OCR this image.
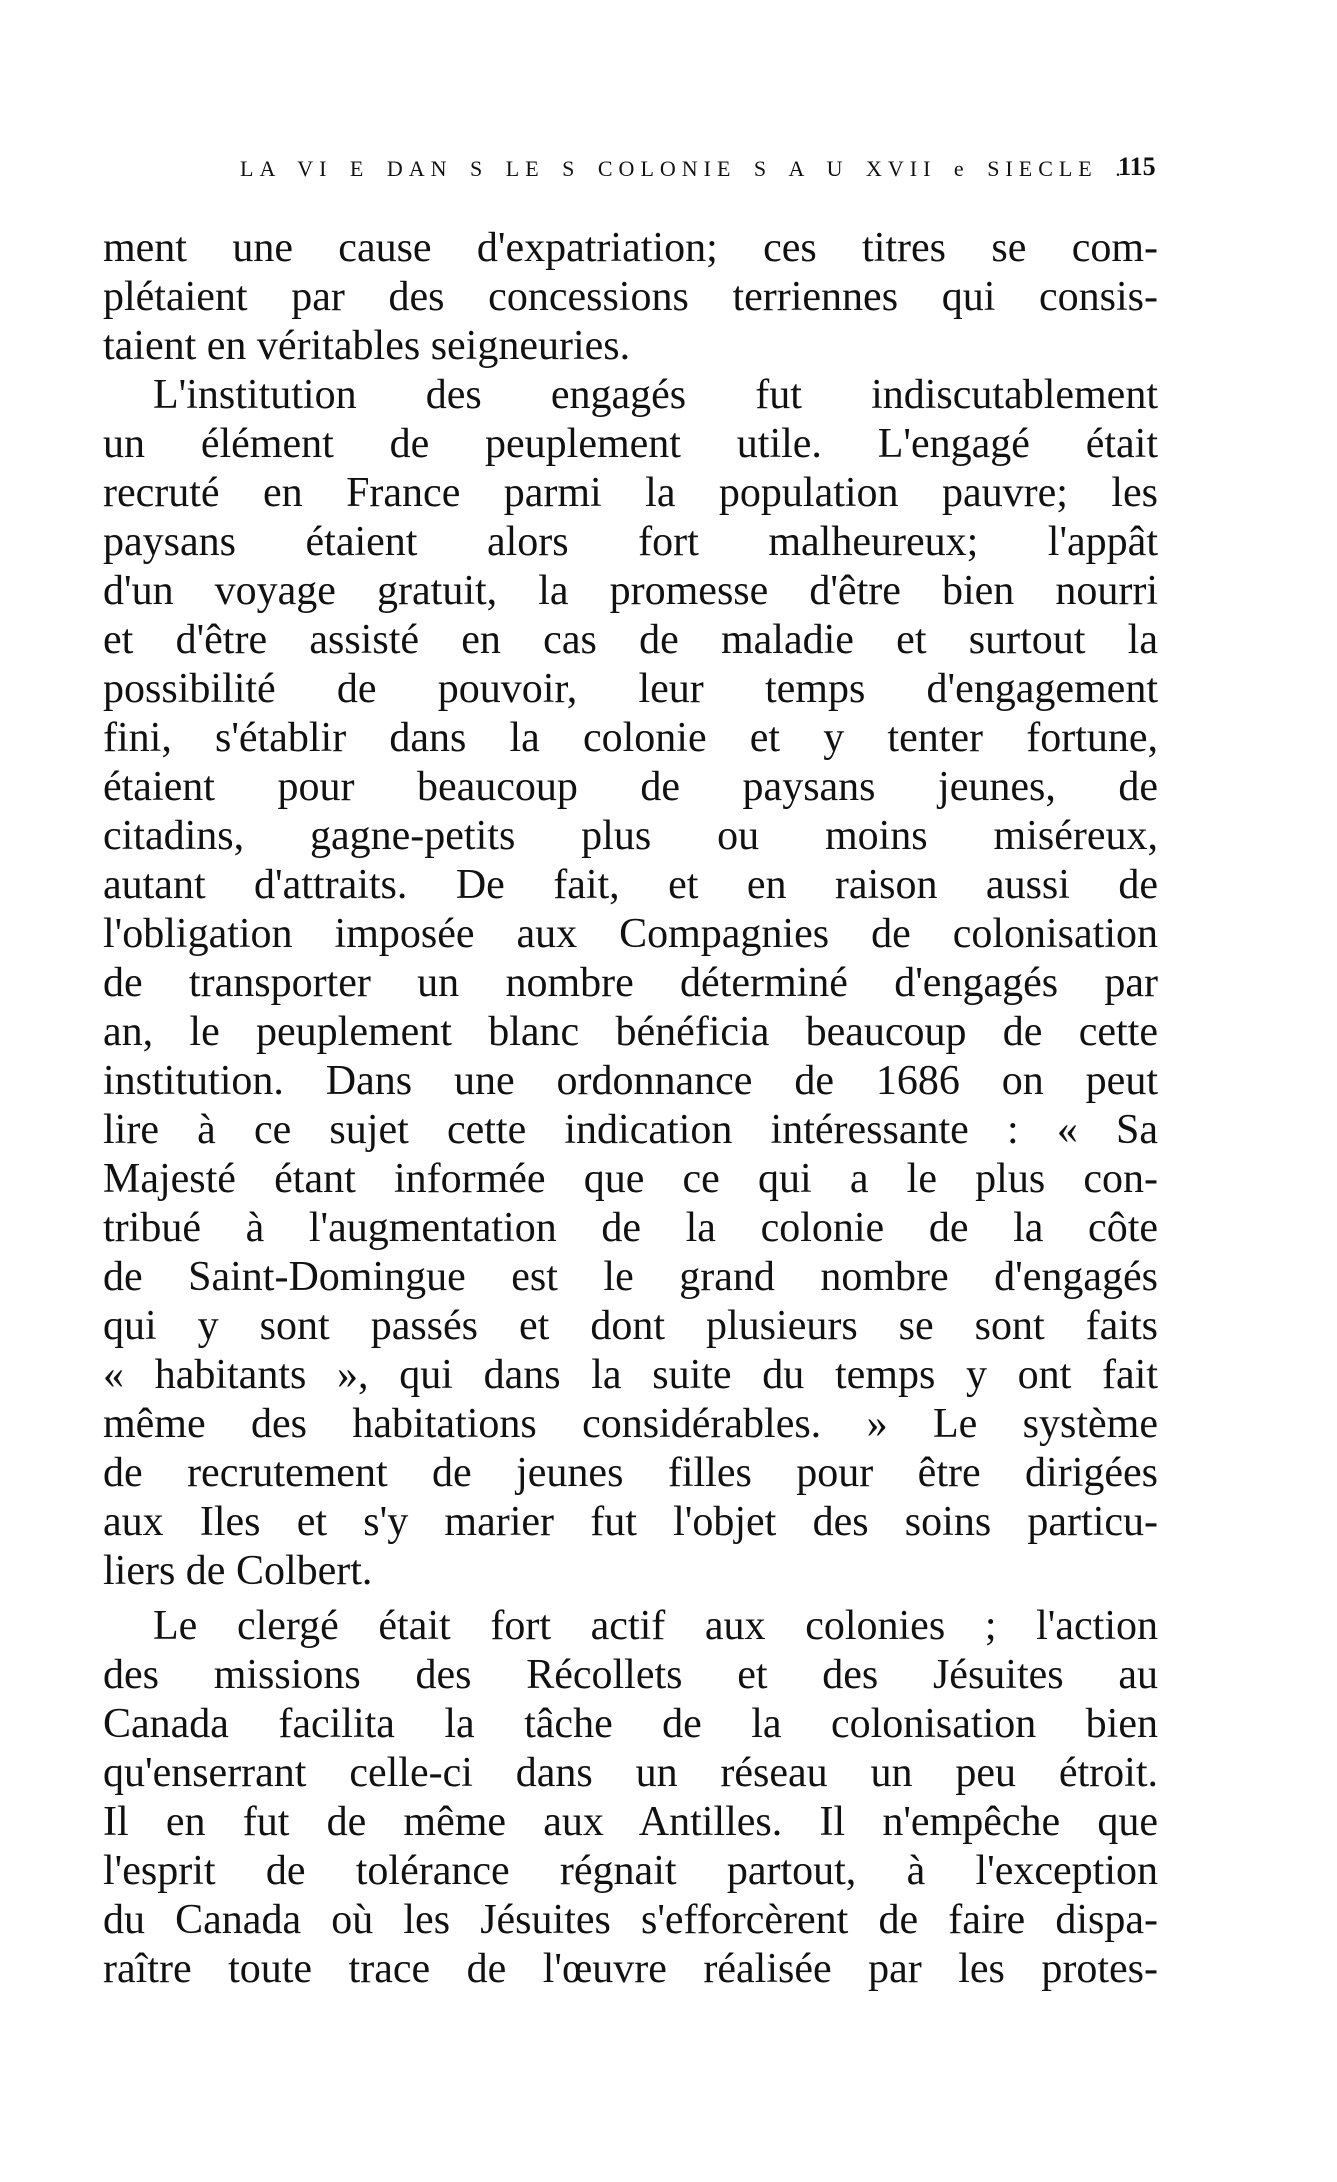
LA VI E DAN S LE S COLONIE S A U XVII e SIECLE .
115
ment une cause d'expatriation; ces titres se com-
plétaient par des concessions terriennes qui consis-
taient en véritables seigneuries.
L'institution des engagés fut indiscutablement
un élément de peuplement utile. L'engagé était
recruté en France parmi la population pauvre; les
paysans étaient alors fort malheureux; l'appât
d'un voyage gratuit, la promesse d'être bien nourri
et d'être assisté en cas de maladie et surtout la
possibilité de pouvoir, leur temps d'engagement
fini, s'établir dans la colonie et y tenter fortune,
étaient pour beaucoup de paysans jeunes, de
citadins, gagne-petits plus ou moins miséreux,
autant d'attraits. De fait, et en raison aussi de
l'obligation imposée aux Compagnies de colonisation
de transporter un nombre déterminé d'engagés par
an, le peuplement blanc bénéficia beaucoup de cette
institution. Dans une ordonnance de 1686 on peut
lire à ce sujet cette indication intéressante : « Sa
Majesté étant informée que ce qui a le plus con-
tribué à l'augmentation de la colonie de la côte
de Saint-Domingue est le grand nombre d'engagés
qui y sont passés et dont plusieurs se sont faits
« habitants », qui dans la suite du temps y ont fait
même des habitations considérables. » Le système
de recrutement de jeunes filles pour être dirigées
aux Iles et s'y marier fut l'objet des soins particu-
liers de Colbert.
Le clergé était fort actif aux colonies ; l'action
des missions des Récollets et des Jésuites au
Canada facilita la tâche de la colonisation bien
qu'enserrant celle-ci dans un réseau un peu étroit.
Il en fut de même aux Antilles. Il n'empêche que
l'esprit de tolérance régnait partout, à l'exception
du Canada où les Jésuites s'efforcèrent de faire dispa-
raître toute trace de l'œuvre réalisée par les protes-
